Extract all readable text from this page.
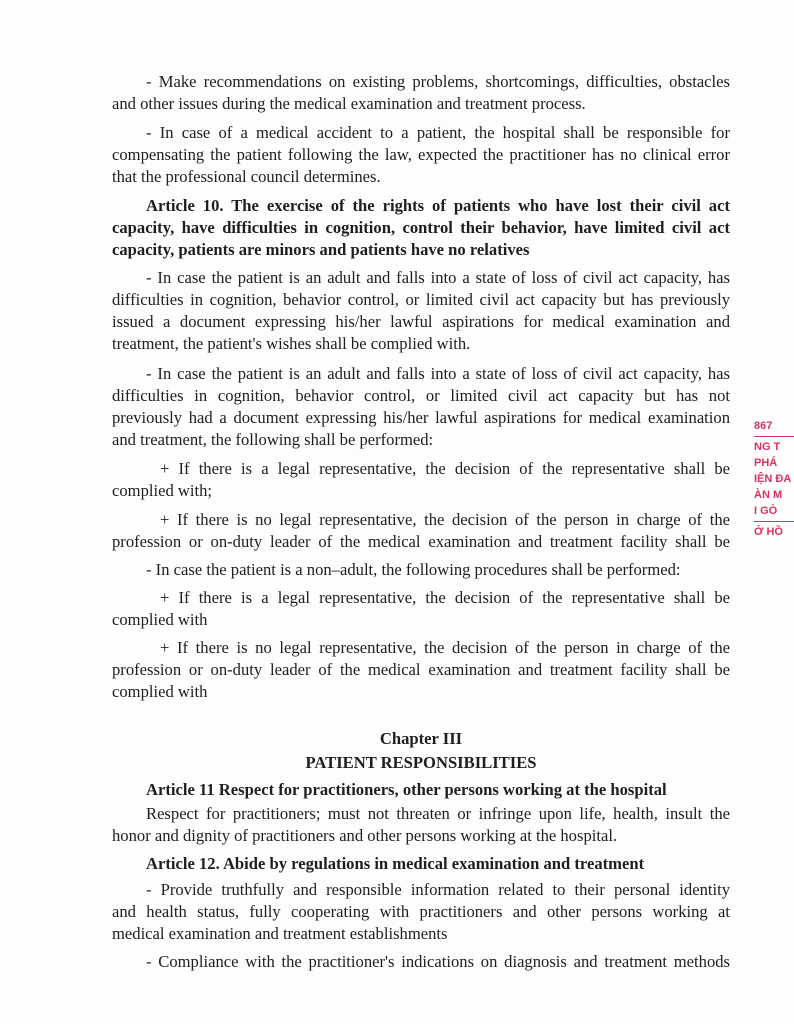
- Make recommendations on existing problems, shortcomings, difficulties, obstacles
and other issues during the medical examination and treatment process.
- In case of a medical accident to a patient, the hospital shall be responsible for
compensating the patient following the law, expected the practitioner has no clinical error
that the professional council determines.
Article 10. The exercise of the rights of patients who have lost their civil act
capacity, have difficulties in cognition, control their behavior, have limited civil act
capacity, patients are minors and patients have no relatives
- In case the patient is an adult and falls into a state of loss of civil act capacity, has
difficulties in cognition, behavior control, or limited civil act capacity but has previously
issued a document expressing his/her lawful aspirations for medical examination and
treatment, the patient's wishes shall be complied with.
- In case the patient is an adult and falls into a state of loss of civil act capacity, has
difficulties in cognition, behavior control, or limited civil act capacity but has not
previously had a document expressing his/her lawful aspirations for medical examination
and treatment, the following shall be performed:
+ If there is a legal representative, the decision of the representative shall be
complied with;
+ If there is no legal representative, the decision of the person in charge of the
profession or on-duty leader of the medical examination and treatment facility shall be
- In case the patient is a non–adult, the following procedures shall be performed:
+ If there is a legal representative, the decision of the representative shall be
complied with
+ If there is no legal representative, the decision of the person in charge of the
profession or on-duty leader of the medical examination and treatment facility shall be
complied with
Chapter III
PATIENT RESPONSIBILITIES
Article 11 Respect for practitioners, other persons working at the hospital
Respect for practitioners; must not threaten or infringe upon life, health, insult the
honor and dignity of practitioners and other persons working at the hospital.
Article 12. Abide by regulations in medical examination and treatment
- Provide truthfully and responsible information related to their personal identity
and health status, fully cooperating with practitioners and other persons working at
medical examination and treatment establishments
- Compliance with the practitioner's indications on diagnosis and treatment methods
867
NG T
PHÁ
IỆN ĐA
ÀN M
I GÒ
Ở HỒ
